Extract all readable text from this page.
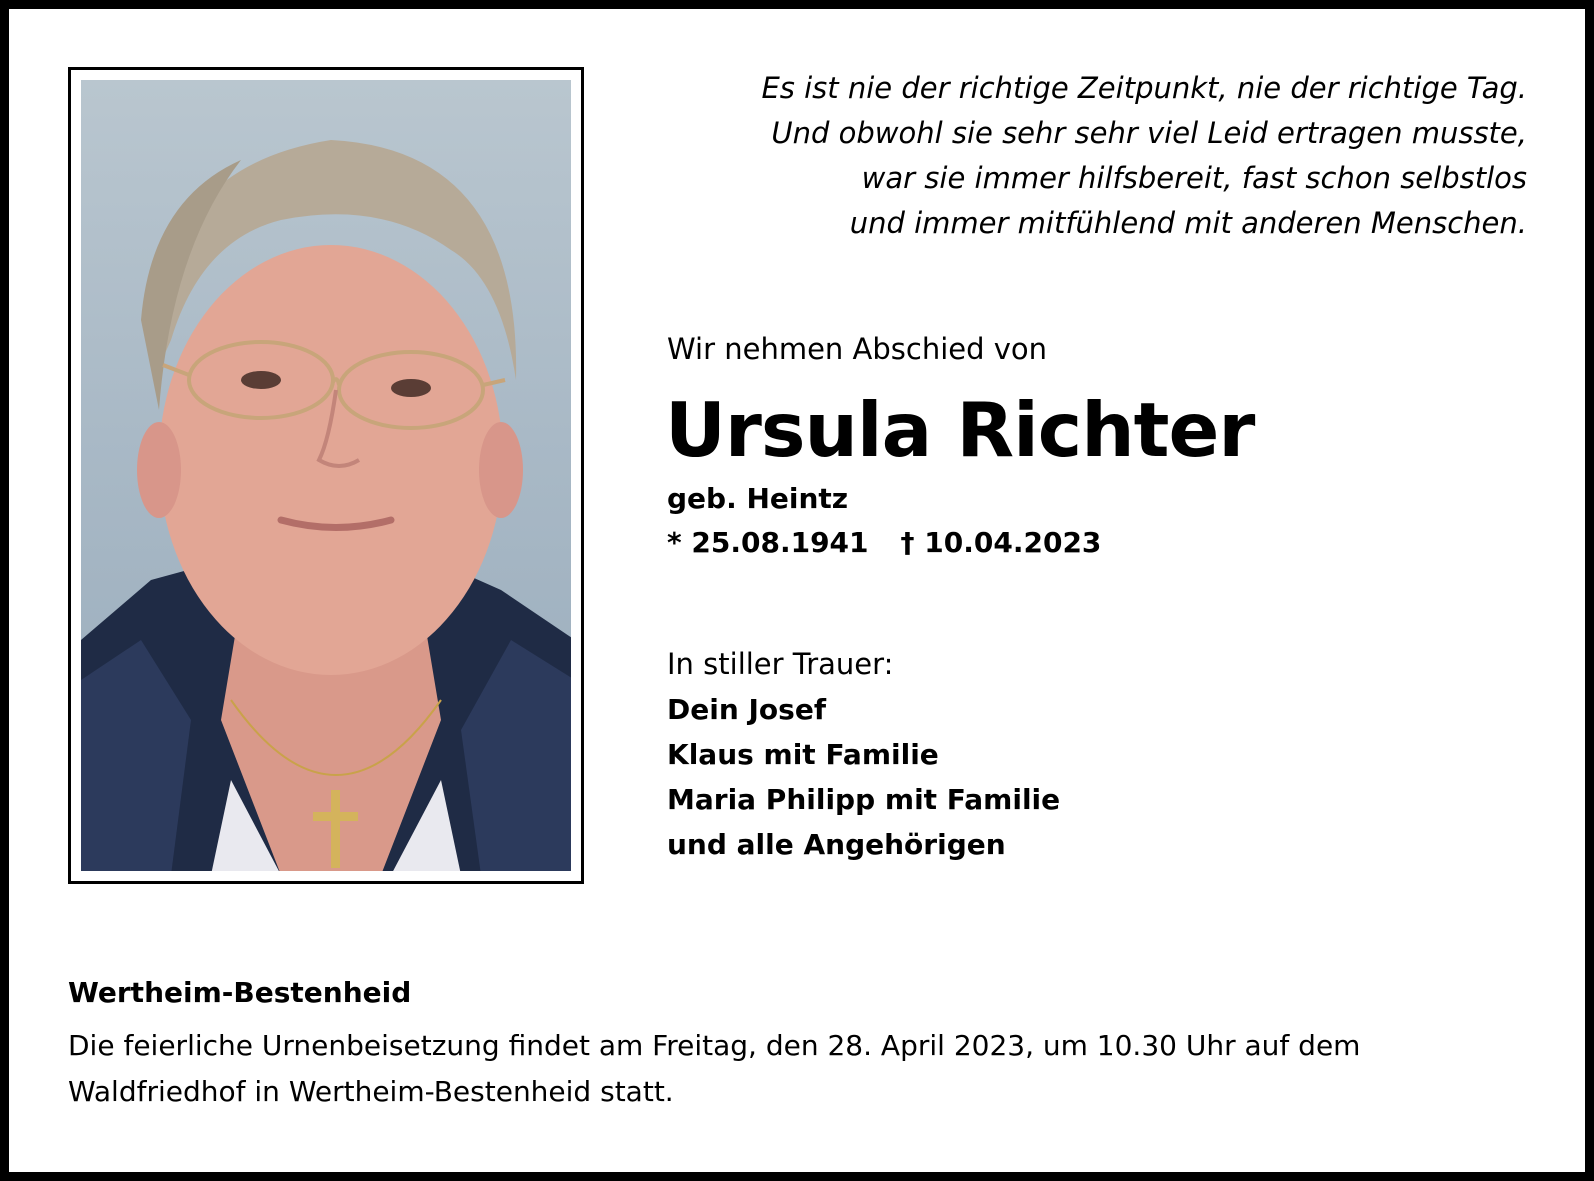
Es ist nie der richtige Zeitpunkt, nie der richtige Tag.
Und obwohl sie sehr sehr viel Leid ertragen musste,
war sie immer hilfsbereit, fast schon selbstlos
und immer mitfühlend mit anderen Menschen.
Wir nehmen Abschied von
Ursula Richter
geb. Heintz
* 25.08.1941 † 10.04.2023
In stiller Trauer:
Dein Josef
Klaus mit Familie
Maria Philipp mit Familie
und alle Angehörigen
Wertheim-Bestenheid
Die feierliche Urnenbeisetzung findet am Freitag, den 28. April 2023, um 10.30 Uhr auf dem Waldfriedhof in Wertheim-Bestenheid statt.
